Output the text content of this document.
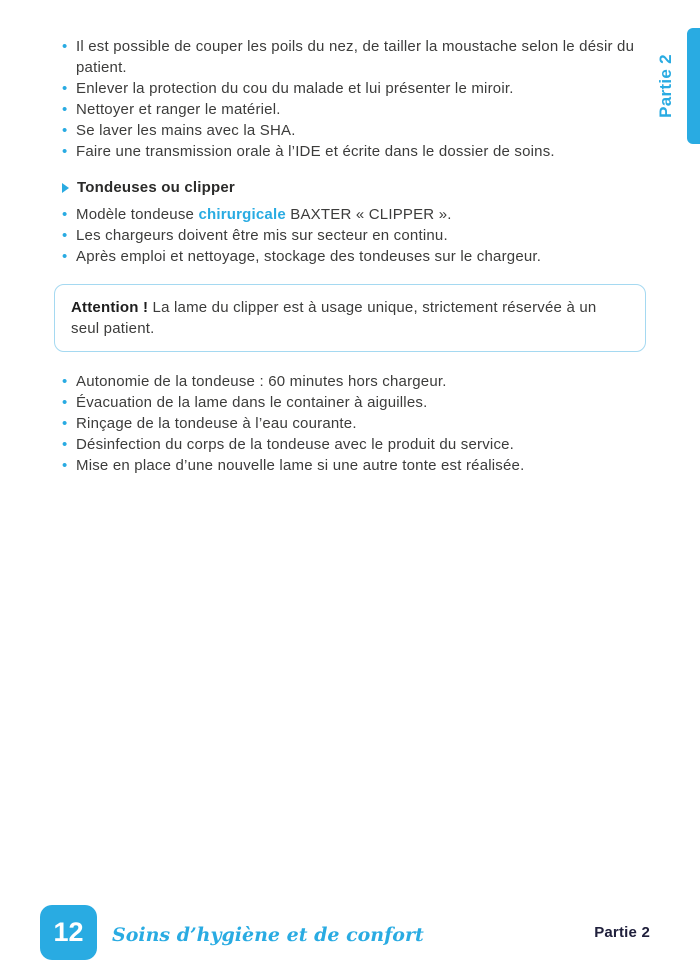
• Il est possible de couper les poils du nez, de tailler la moustache selon le désir du patient.
• Enlever la protection du cou du malade et lui présenter le miroir.
• Nettoyer et ranger le matériel.
• Se laver les mains avec la SHA.
• Faire une transmission orale à l’IDE et écrite dans le dossier de soins.
Tondeuses ou clipper
• Modèle tondeuse chirurgicale BAXTER « CLIPPER ».
• Les chargeurs doivent être mis sur secteur en continu.
• Après emploi et nettoyage, stockage des tondeuses sur le chargeur.
Attention ! La lame du clipper est à usage unique, strictement réservée à un seul patient.
• Autonomie de la tondeuse : 60 minutes hors chargeur.
• Évacuation de la lame dans le container à aiguilles.
• Rinçage de la tondeuse à l’eau courante.
• Désinfection du corps de la tondeuse avec le produit du service.
• Mise en place d’une nouvelle lame si une autre tonte est réalisée.
Partie 2
12 Soins d’hygiène et de confort	Partie 2
